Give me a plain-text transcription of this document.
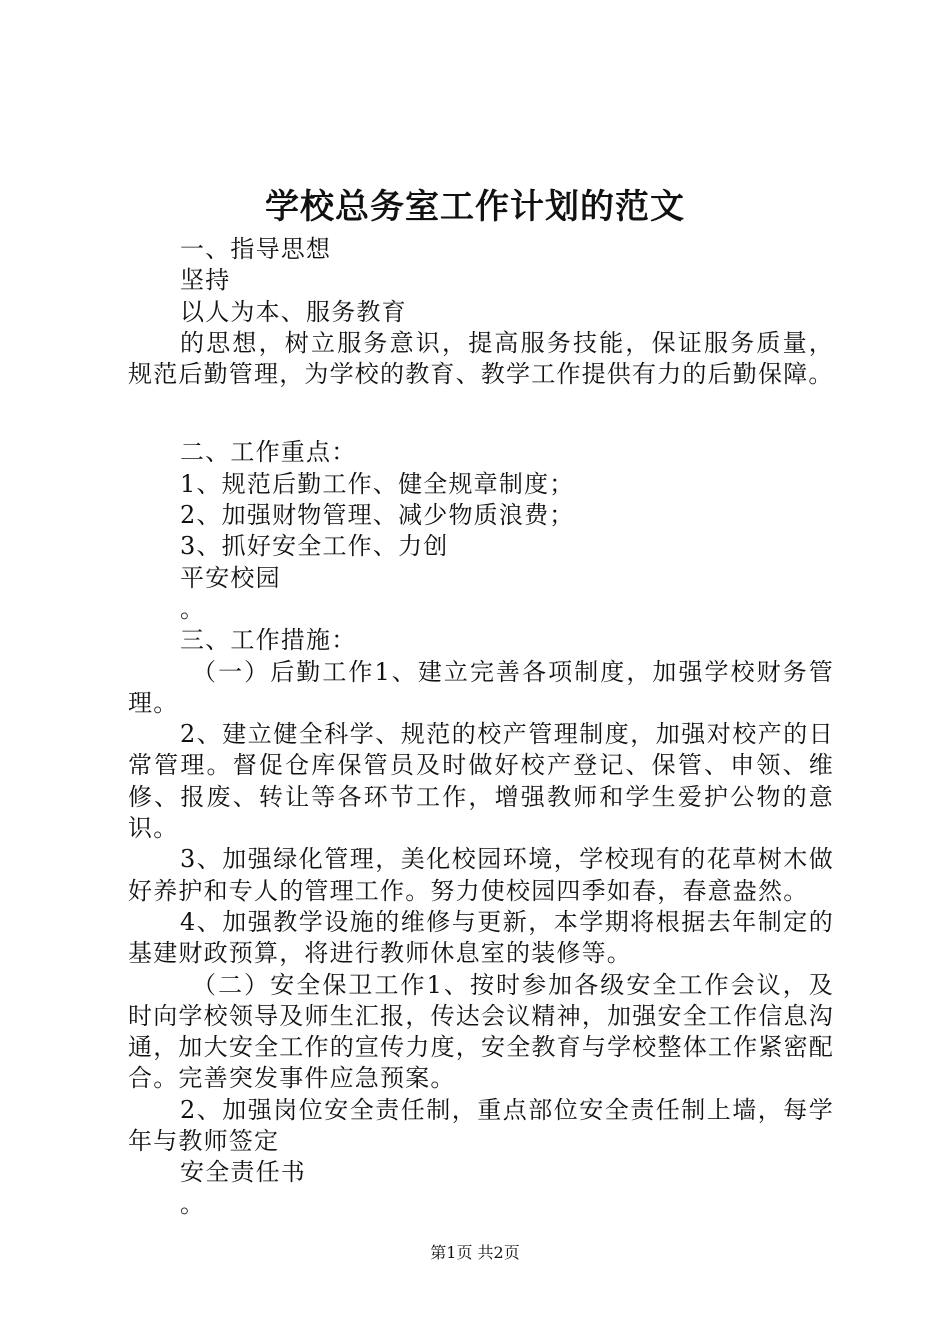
学校总务室工作计划的范文

一、指导思想

坚持

以人为本、服务教育

的思想，树立服务意识，提高服务技能，保证服务质量，规范后勤管理，为学校的教育、教学工作提供有力的后勤保障。

二、工作重点：

1、规范后勤工作、健全规章制度；

2、加强财物管理、减少物质浪费；

3、抓好安全工作、力创

平安校园

。

三、工作措施：

（一）后勤工作1、建立完善各项制度，加强学校财务管理。

2、建立健全科学、规范的校产管理制度，加强对校产的日常管理。督促仓库保管员及时做好校产登记、保管、申领、维修、报废、转让等各环节工作，增强教师和学生爱护公物的意识。

3、加强绿化管理，美化校园环境，学校现有的花草树木做好养护和专人的管理工作。努力使校园四季如春，春意盎然。

4、加强教学设施的维修与更新，本学期将根据去年制定的基建财政预算，将进行教师休息室的装修等。

（二）安全保卫工作1、按时参加各级安全工作会议，及时向学校领导及师生汇报，传达会议精神，加强安全工作信息沟通，加大安全工作的宣传力度，安全教育与学校整体工作紧密配合。完善突发事件应急预案。

2、加强岗位安全责任制，重点部位安全责任制上墙，每学年与教师签定

安全责任书

。

第1页 共2页
